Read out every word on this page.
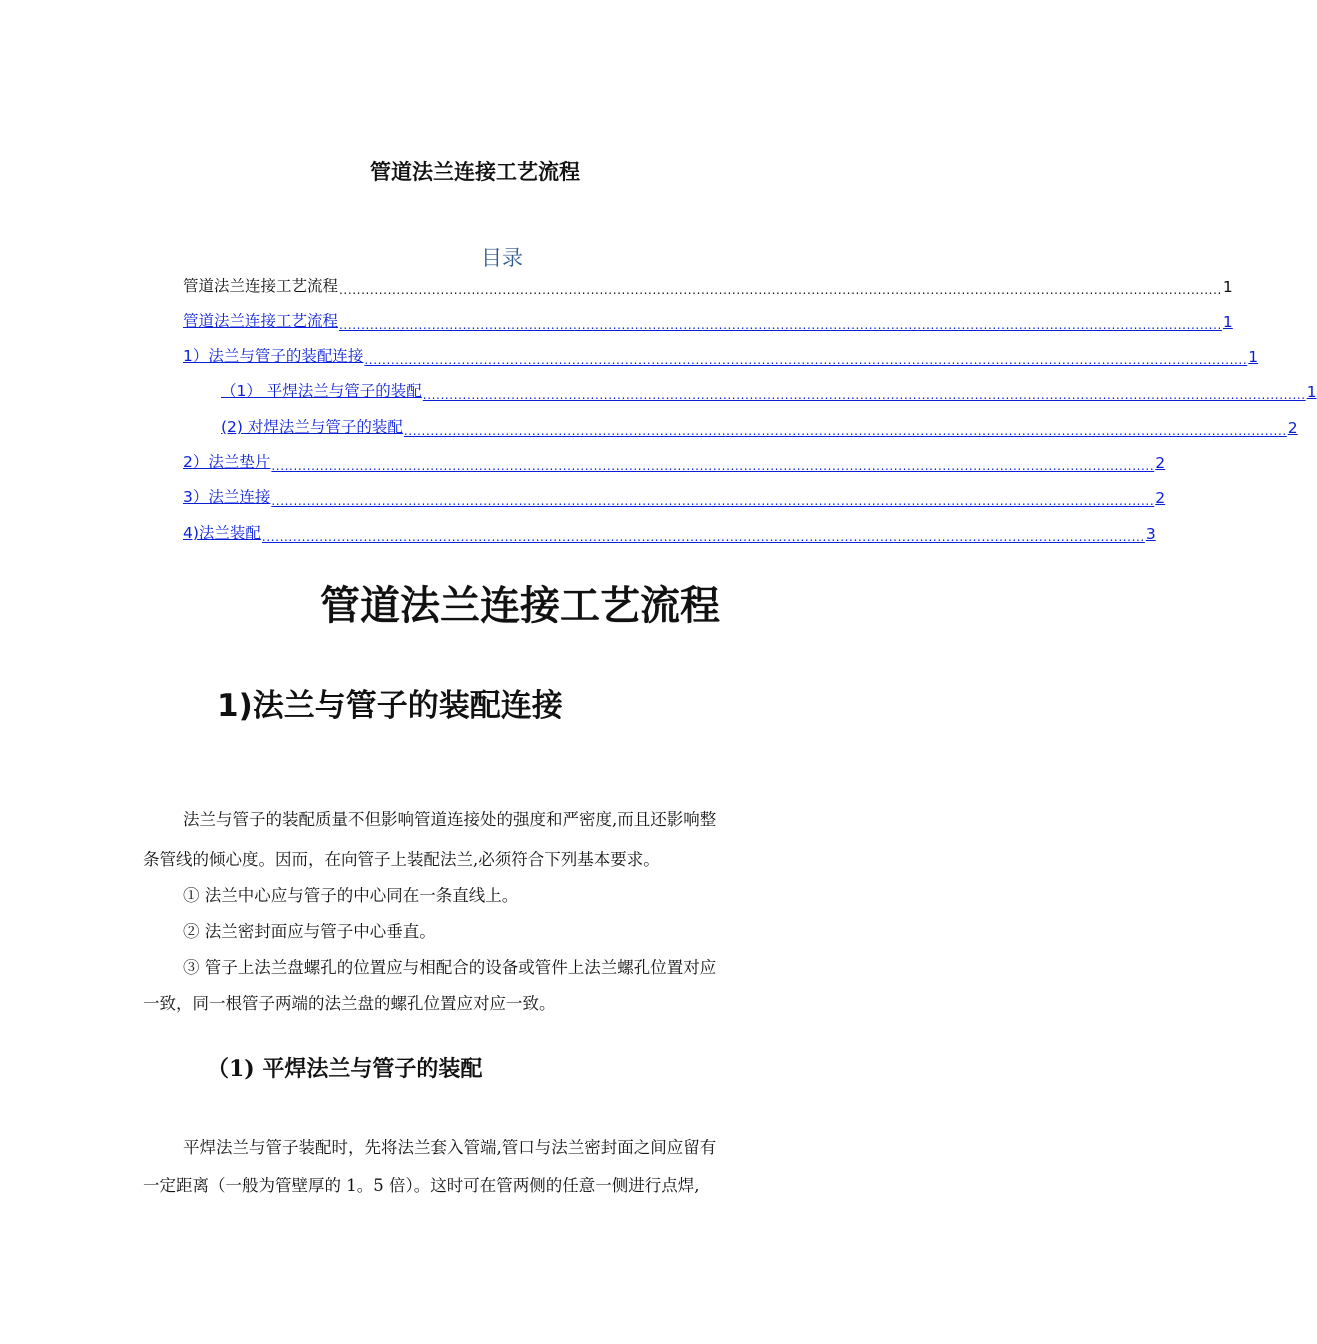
管道法兰连接工艺流程
目录
管道法兰连接工艺流程 ........................................................................................................................................................................................................ 1
管道法兰连接工艺流程 ........................................................................................................................................................................................................ 1
1）法兰与管子的装配连接 ........................................................................................................................................................................................................ 1
（1） 平焊法兰与管子的装配 ........................................................................................................................................................................................................ 1
(2) 对焊法兰与管子的装配 ........................................................................................................................................................................................................ 2
2）法兰垫片 ........................................................................................................................................................................................................ 2
3）法兰连接 ........................................................................................................................................................................................................ 2
4)法兰装配 ........................................................................................................................................................................................................ 3
管道法兰连接工艺流程
1)法兰与管子的装配连接
法兰与管子的装配质量不但影响管道连接处的强度和严密度,而且还影响整
条管线的倾心度。因而，在向管子上装配法兰,必须符合下列基本要求。
① 法兰中心应与管子的中心同在一条直线上。
② 法兰密封面应与管子中心垂直。
③ 管子上法兰盘螺孔的位置应与相配合的设备或管件上法兰螺孔位置对应
一致，同一根管子两端的法兰盘的螺孔位置应对应一致。
（1) 平焊法兰与管子的装配
平焊法兰与管子装配时，先将法兰套入管端,管口与法兰密封面之间应留有
一定距离（一般为管壁厚的 1。5 倍）。这时可在管两侧的任意一侧进行点焊,
